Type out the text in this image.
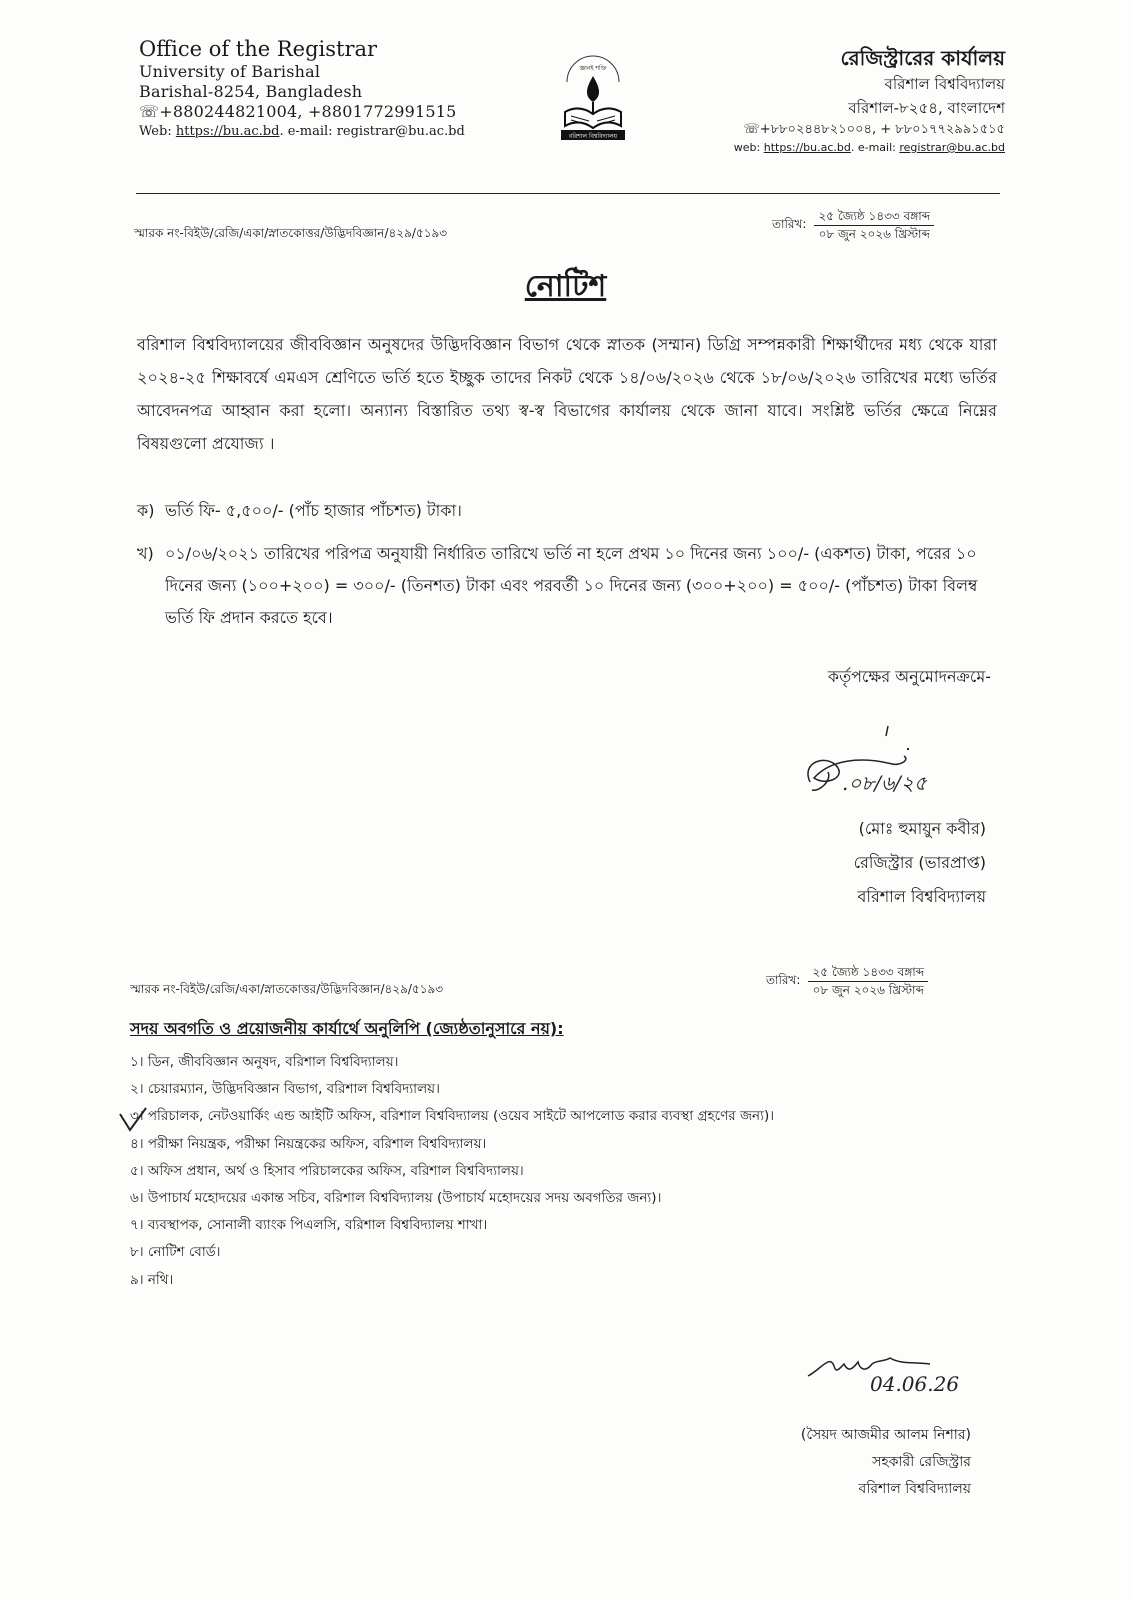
Office of the Registrar
University of Barishal
Barishal-8254, Bangladesh
☏+880244821004, +8801772991515
Web: https://bu.ac.bd. e-mail: registrar@bu.ac.bd
জ্ঞানই শক্তি
বরিশাল বিশ্ববিদ্যালয়
রেজিস্ট্রারের কার্যালয়
বরিশাল বিশ্ববিদ্যালয়
বরিশাল-৮২৫৪, বাংলাদেশ
☏+৮৮০২৪৪৮২১০০৪, + ৮৮০১৭৭২৯৯১৫১৫
web: https://bu.ac.bd. e-mail: registrar@bu.ac.bd
স্মারক নং-বিইউ/রেজি/একা/স্নাতকোত্তর/উদ্ভিদবিজ্ঞান/৪২৯/৫১৯৩
তারিখ:
২৫ জ্যৈষ্ঠ ১৪৩৩ বঙ্গাব্দ
০৮ জুন ২০২৬ খ্রিস্টাব্দ
নোটিশ

বরিশাল বিশ্ববিদ্যালয়ের জীববিজ্ঞান অনুষদের উদ্ভিদবিজ্ঞান বিভাগ থেকে স্নাতক (সম্মান) ডিগ্রি সম্পন্নকারী শিক্ষার্থীদের মধ্য থেকে যারা ২০২৪-২৫ শিক্ষাবর্ষে এমএস শ্রেণিতে ভর্তি হতে ইচ্ছুক তাদের নিকট থেকে ১৪/০৬/২০২৬ থেকে ১৮/০৬/২০২৬ তারিখের মধ্যে ভর্তির আবেদনপত্র আহ্বান করা হলো। অন্যান্য বিস্তারিত তথ্য স্ব-স্ব বিভাগের কার্যালয় থেকে জানা যাবে। সংশ্লিষ্ট ভর্তির ক্ষেত্রে নিম্নের বিষয়গুলো প্রযোজ্য ।

ক) ভর্তি ফি- ৫,৫০০/- (পাঁচ হাজার পাঁচশত) টাকা।
খ) ০১/০৬/২০২১ তারিখের পরিপত্র অনুযায়ী নির্ধারিত তারিখে ভর্তি না হলে প্রথম ১০ দিনের জন্য ১০০/- (একশত) টাকা, পরের ১০ দিনের জন্য (১০০+২০০) = ৩০০/- (তিনশত) টাকা এবং পরবর্তী ১০ দিনের জন্য (৩০০+২০০) = ৫০০/- (পাঁচশত) টাকা বিলম্ব ভর্তি ফি প্রদান করতে হবে।
কর্তৃপক্ষের অনুমোদনক্রমে-
.০৮/৬/২৫
(মোঃ হুমায়ুন কবীর)
রেজিস্ট্রার (ভারপ্রাপ্ত)
বরিশাল বিশ্ববিদ্যালয়
স্মারক নং-বিইউ/রেজি/একা/স্নাতকোত্তর/উদ্ভিদবিজ্ঞান/৪২৯/৫১৯৩
তারিখ:
২৫ জ্যৈষ্ঠ ১৪৩৩ বঙ্গাব্দ
০৮ জুন ২০২৬ খ্রিস্টাব্দ
সদয় অবগতি ও প্রয়োজনীয় কার্যার্থে অনুলিপি (জ্যেষ্ঠতানুসারে নয়):
১। ডিন, জীববিজ্ঞান অনুষদ, বরিশাল বিশ্ববিদ্যালয়।
২। চেয়ারম্যান, উদ্ভিদবিজ্ঞান বিভাগ, বরিশাল বিশ্ববিদ্যালয়।
৩। পরিচালক, নেটওয়ার্কিং এন্ড আইটি অফিস, বরিশাল বিশ্ববিদ্যালয় (ওয়েব সাইটে আপলোড করার ব্যবস্থা গ্রহণের জন্য)।
৪। পরীক্ষা নিয়ন্ত্রক, পরীক্ষা নিয়ন্ত্রকের অফিস, বরিশাল বিশ্ববিদ্যালয়।
৫। অফিস প্রধান, অর্থ ও হিসাব পরিচালকের অফিস, বরিশাল বিশ্ববিদ্যালয়।
৬। উপাচার্য মহোদয়ের একান্ত সচিব, বরিশাল বিশ্ববিদ্যালয় (উপাচার্য মহোদয়ের সদয় অবগতির জন্য)।
৭। ব্যবস্থাপক, সোনালী ব্যাংক পিএলসি, বরিশাল বিশ্ববিদ্যালয় শাখা।
৮। নোটিশ বোর্ড।
৯। নথি।
04.06.26
(সৈয়দ আজমীর আলম নিশার)
সহকারী রেজিস্ট্রার
বরিশাল বিশ্ববিদ্যালয়
